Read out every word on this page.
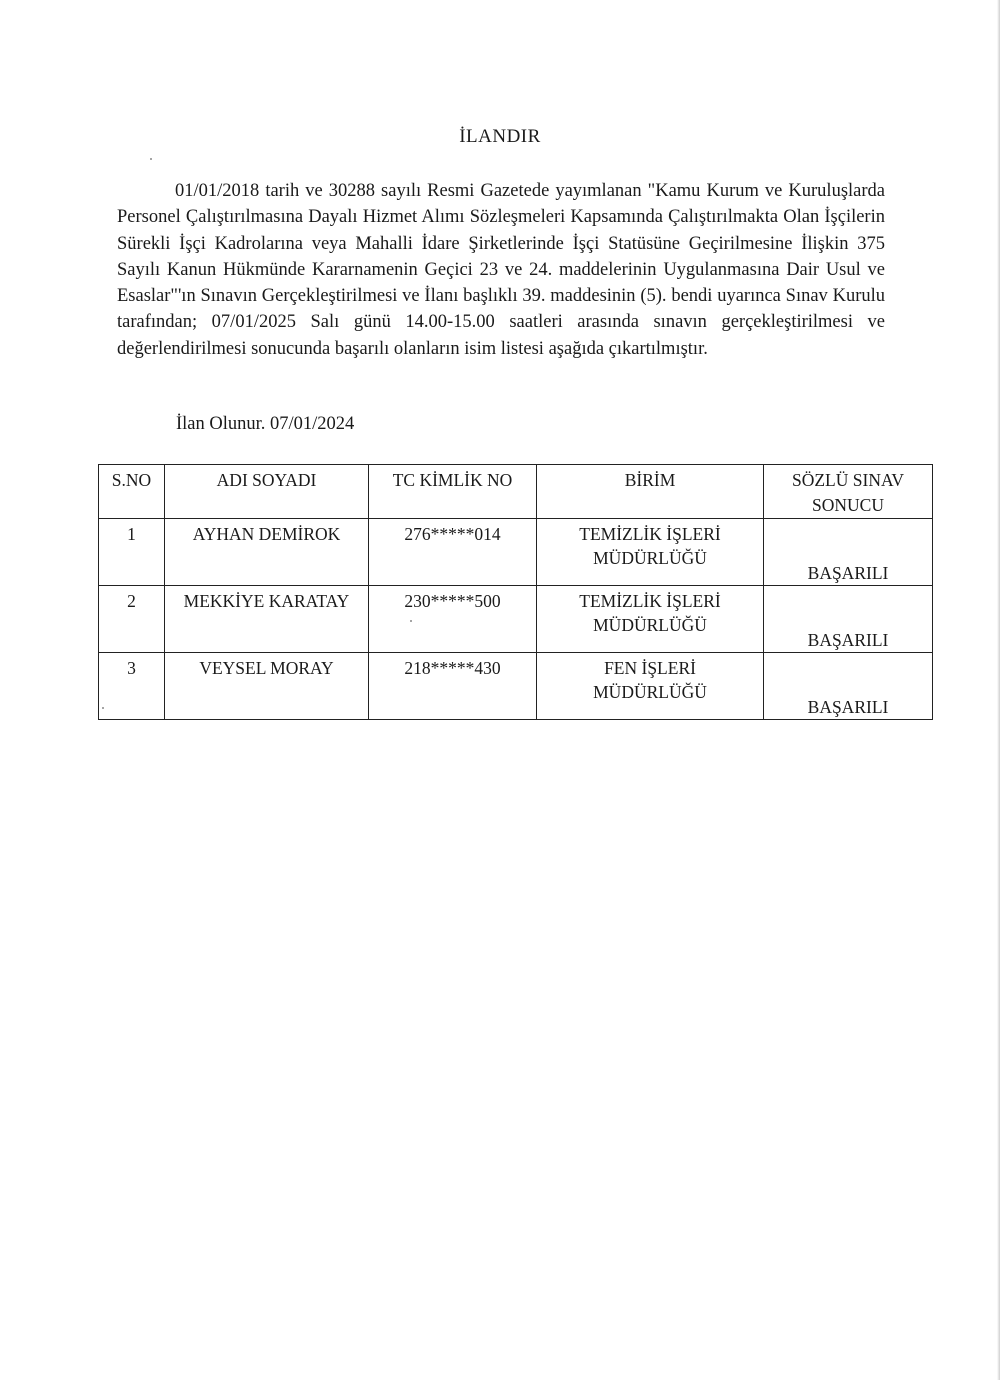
İLANDIR
01/01/2018 tarih ve 30288 sayılı Resmi Gazetede yayımlanan "Kamu Kurum ve Kuruluşlarda Personel Çalıştırılmasına Dayalı Hizmet Alımı Sözleşmeleri Kapsamında Çalıştırılmakta Olan İşçilerin Sürekli İşçi Kadrolarına veya Mahalli İdare Şirketlerinde İşçi Statüsüne Geçirilmesine İlişkin 375 Sayılı Kanun Hükmünde Kararnamenin Geçici 23 ve 24. maddelerinin Uygulanmasına Dair Usul ve Esaslar"'ın Sınavın Gerçekleştirilmesi ve İlanı başlıklı 39. maddesinin (5). bendi uyarınca Sınav Kurulu tarafından; 07/01/2025 Salı günü 14.00-15.00 saatleri arasında sınavın gerçekleştirilmesi ve değerlendirilmesi sonucunda başarılı olanların isim listesi aşağıda çıkartılmıştır.
İlan Olunur. 07/01/2024
S.NO	ADI SOYADI	TC KİMLİK NO	BİRİM	SÖZLÜ SINAV
SONUCU

1	AYHAN DEMİROK	276*****014	TEMİZLİK İŞLERİ
MÜDÜRLÜĞÜ	BAŞARILI
2	MEKKİYE KARATAY	230*****500	TEMİZLİK İŞLERİ
MÜDÜRLÜĞÜ	BAŞARILI
3	VEYSEL MORAY	218*****430	FEN İŞLERİ
MÜDÜRLÜĞÜ	BAŞARILI
